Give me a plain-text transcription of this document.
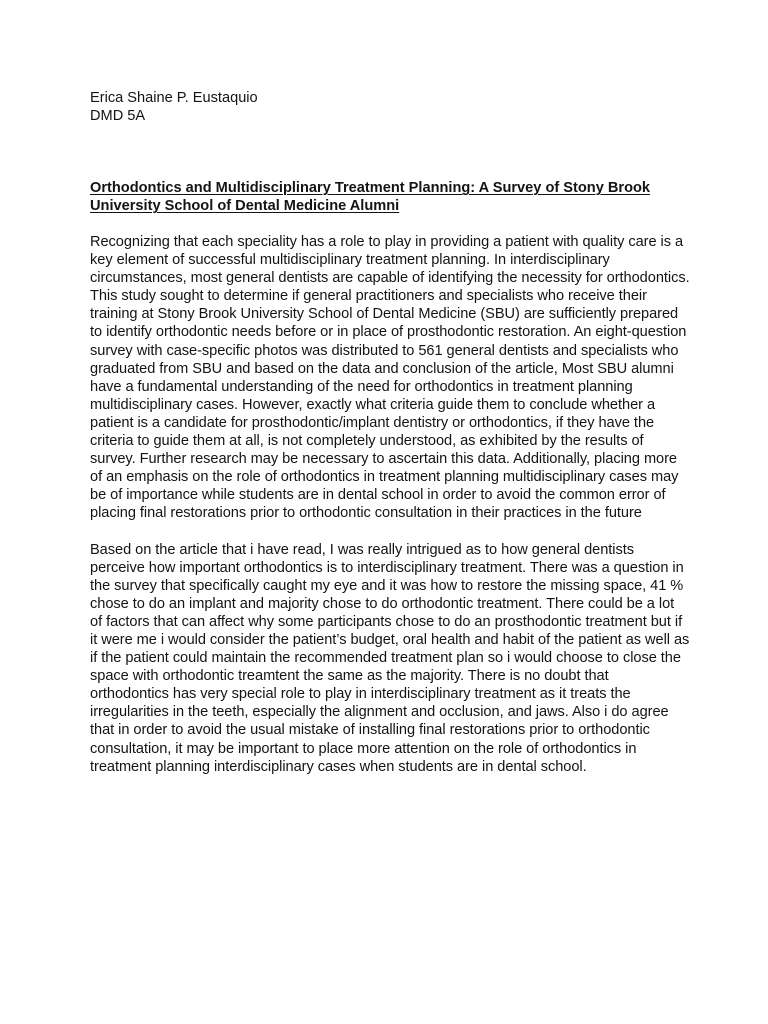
Erica Shaine P. Eustaquio

DMD 5A

Orthodontics and Multidisciplinary Treatment Planning: A Survey of Stony Brook University School of Dental Medicine Alumni

Recognizing that each speciality has a role to play in providing a patient with quality care is a key element of successful multidisciplinary treatment planning. In interdisciplinary circumstances, most general dentists are capable of identifying the necessity for orthodontics. This study sought to determine if general practitioners and specialists who receive their training at Stony Brook University School of Dental Medicine (SBU) are sufficiently prepared to identify orthodontic needs before or in place of prosthodontic restoration. An eight-question survey with case-specific photos was distributed to 561 general dentists and specialists who graduated from SBU and based on the data and conclusion of the article, Most SBU alumni have a fundamental understanding of the need for orthodontics in treatment planning multidisciplinary cases. However, exactly what criteria guide them to conclude whether a patient is a candidate for prosthodontic/implant dentistry or orthodontics, if they have the criteria to guide them at all, is not completely understood, as exhibited by the results of survey. Further research may be necessary to ascertain this data. Additionally, placing more of an emphasis on the role of orthodontics in treatment planning multidisciplinary cases may be of importance while students are in dental school in order to avoid the common error of placing final restorations prior to orthodontic consultation in their practices in the future

Based on the article that i have read, I was really intrigued as to how general dentists perceive how important orthodontics is to interdisciplinary treatment. There was a question in the survey that specifically caught my eye and it was how to restore the missing space, 41 % chose to do an implant and majority chose to do orthodontic treatment. There could be a lot of factors that can affect why some participants chose to do an prosthodontic treatment but if it were me i would consider the patient’s budget, oral health and habit of the patient as well as if the patient could maintain the recommended treatment plan so i would choose to close the space with orthodontic treamtent the same as the majority. There is no doubt that orthodontics has very special role to play in interdisciplinary treatment as it treats the irregularities in the teeth, especially the alignment and occlusion, and jaws. Also i do agree that in order to avoid the usual mistake of installing final restorations prior to orthodontic consultation, it may be important to place more attention on the role of orthodontics in treatment planning interdisciplinary cases when students are in dental school.
